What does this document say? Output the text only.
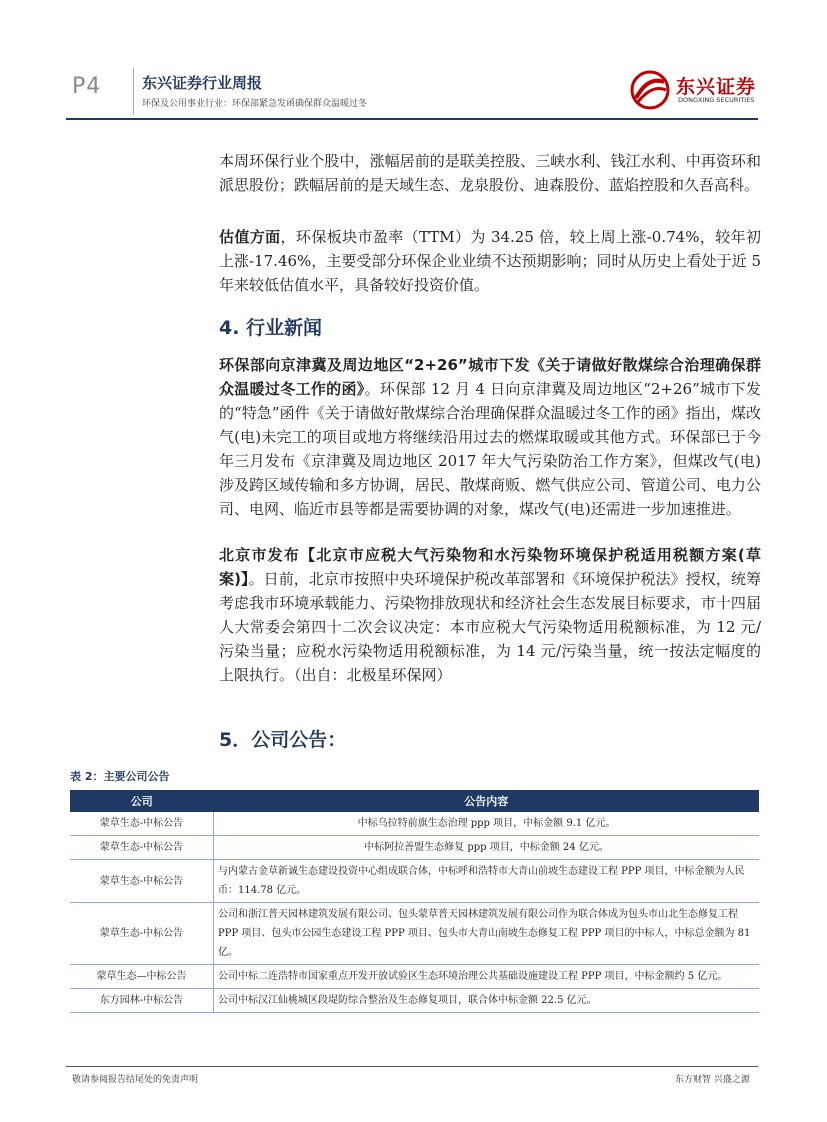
P4	东兴证券行业周报
环保及公用事业行业：环保部紧急发函确保群众温暖过冬
东兴证券
DONGXING SECURITIES

本周环保行业个股中，涨幅居前的是联美控股、三峡水利、钱江水利、中再资环和派思股份；跌幅居前的是天域生态、龙泉股份、迪森股份、蓝焰控股和久吾高科。

估值方面，环保板块市盈率（TTM）为 34.25 倍，较上周上涨-0.74%，较年初上涨-17.46%，主要受部分环保企业业绩不达预期影响；同时从历史上看处于近 5 年来较低估值水平，具备较好投资价值。

4. 行业新闻

环保部向京津冀及周边地区“2+26”城市下发《关于请做好散煤综合治理确保群众温暖过冬工作的函》。环保部 12 月 4 日向京津冀及周边地区“2+26”城市下发的“特急”函件《关于请做好散煤综合治理确保群众温暖过冬工作的函》指出，煤改气(电)未完工的项目或地方将继续沿用过去的燃煤取暖或其他方式。环保部已于今年三月发布《京津冀及周边地区 2017 年大气污染防治工作方案》，但煤改气(电)涉及跨区域传输和多方协调，居民、散煤商贩、燃气供应公司、管道公司、电力公司、电网、临近市县等都是需要协调的对象，煤改气(电)还需进一步加速推进。

北京市发布【北京市应税大气污染物和水污染物环境保护税适用税额方案(草案)】。日前，北京市按照中央环境保护税改革部署和《环境保护税法》授权，统筹考虑我市环境承载能力、污染物排放现状和经济社会生态发展目标要求，市十四届人大常委会第四十二次会议决定：本市应税大气污染物适用税额标准，为 12 元/污染当量；应税水污染物适用税额标准，为 14 元/污染当量，统一按法定幅度的上限执行。（出自：北极星环保网）

5．公司公告：
表 2：主要公司公告
公司	公告内容
蒙草生态-中标公告	中标乌拉特前旗生态治理 ppp 项目，中标金额 9.1 亿元。
蒙草生态-中标公告	中标阿拉善盟生态修复 ppp 项目，中标金额 24 亿元。
蒙草生态-中标公告	与内蒙古金草新诚生态建设投资中心组成联合体，中标呼和浩特市大青山前坡生态建设工程 PPP 项目，中标金额为人民币：114.78 亿元。
蒙草生态-中标公告	公司和浙江普天园林建筑发展有限公司、包头蒙草普天园林建筑发展有限公司作为联合体成为包头市山北生态修复工程 PPP 项目、包头市公园生态建设工程 PPP 项目、包头市大青山南坡生态修复工程 PPP 项目的中标人，中标总金额为 81 亿。
蒙草生态—中标公告	公司中标二连浩特市国家重点开发开放试验区生态环境治理公共基础设施建设工程 PPP 项目，中标金额约 5 亿元。
东方园林-中标公告	公司中标汉江仙桃城区段堤防综合整治及生态修复项目，联合体中标金额 22.5 亿元。
敬请参阅报告结尾处的免责声明	东方财智 兴盛之源
